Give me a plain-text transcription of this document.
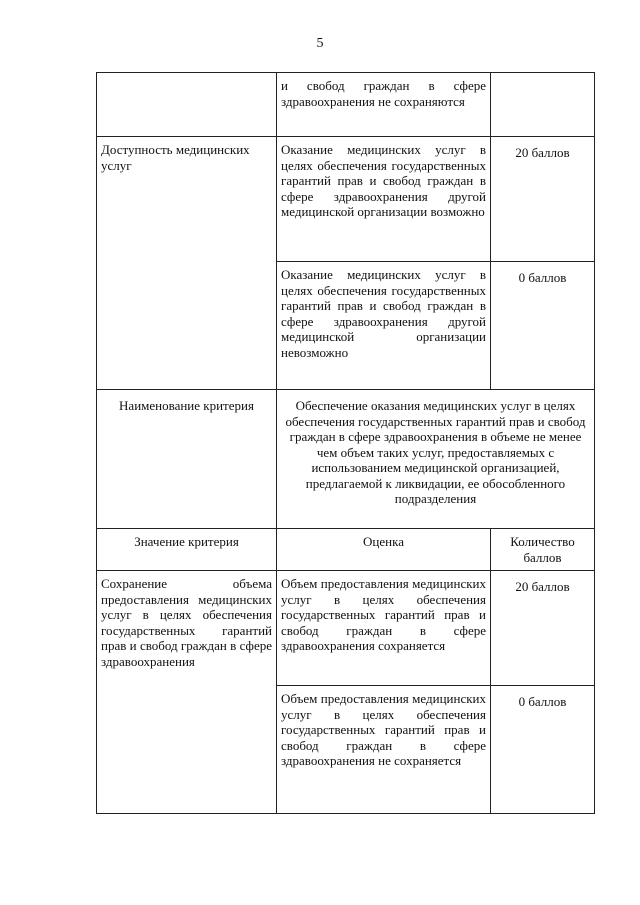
5
	и свобод граждан в сфере здравоохранения не сохраняются	
Доступность медицинских услуг	Оказание медицинских услуг в целях обеспечения государственных гарантий прав и свобод граждан в сфере здравоохранения другой медицинской организации возможно	20 баллов
	Оказание медицинских услуг в целях обеспечения государственных гарантий прав и свобод граждан в сфере здравоохранения другой медицинской организации невозможно	0 баллов
Наименование критерия	Обеспечение оказания медицинских услуг в целях обеспечения государственных гарантий прав и свобод граждан в сфере здравоохранения в объеме не менее чем объем таких услуг, предоставляемых с использованием медицинской организацией, предлагаемой к ликвидации, ее обособленного подразделения	
Значение критерия	Оценка	Количество баллов
Сохранение объема предоставления медицинских услуг в целях обеспечения государственных гарантий прав и свобод граждан в сфере здравоохранения	Объем предоставления медицинских услуг в целях обеспечения государственных гарантий прав и свобод граждан в сфере здравоохранения сохраняется	20 баллов
	Объем предоставления медицинских услуг в целях обеспечения государственных гарантий прав и свобод граждан в сфере здравоохранения не сохраняется	0 баллов
